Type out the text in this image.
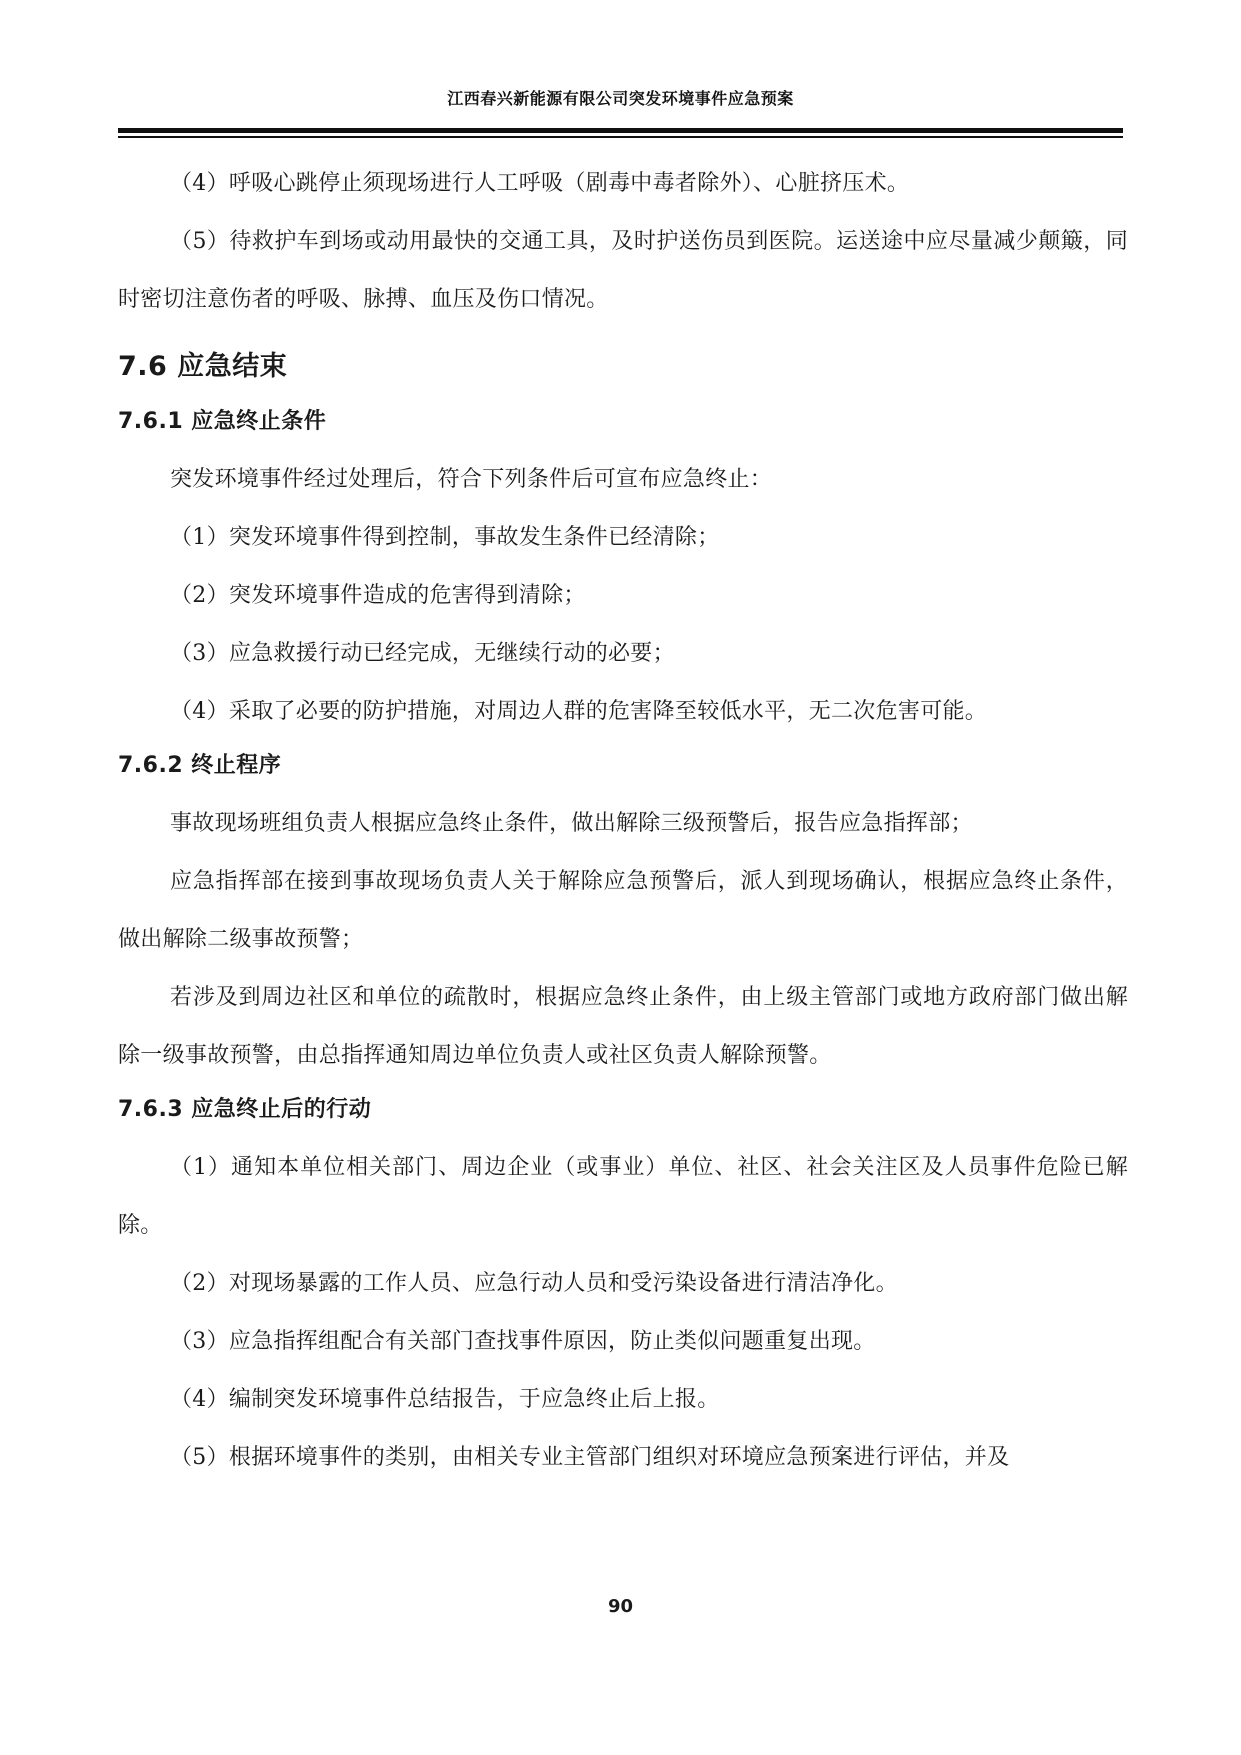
江西春兴新能源有限公司突发环境事件应急预案

（4）呼吸心跳停止须现场进行人工呼吸（剧毒中毒者除外）、心脏挤压术。

（5）待救护车到场或动用最快的交通工具，及时护送伤员到医院。运送途中应尽量减少颠簸，同时密切注意伤者的呼吸、脉搏、血压及伤口情况。

7.6 应急结束
7.6.1 应急终止条件

突发环境事件经过处理后，符合下列条件后可宣布应急终止：

（1）突发环境事件得到控制，事故发生条件已经清除；

（2）突发环境事件造成的危害得到清除；

（3）应急救援行动已经完成，无继续行动的必要；

（4）采取了必要的防护措施，对周边人群的危害降至较低水平，无二次危害可能。

7.6.2 终止程序

事故现场班组负责人根据应急终止条件，做出解除三级预警后，报告应急指挥部；

应急指挥部在接到事故现场负责人关于解除应急预警后，派人到现场确认，根据应急终止条件，做出解除二级事故预警；

若涉及到周边社区和单位的疏散时，根据应急终止条件，由上级主管部门或地方政府部门做出解除一级事故预警，由总指挥通知周边单位负责人或社区负责人解除预警。

7.6.3 应急终止后的行动

（1）通知本单位相关部门、周边企业（或事业）单位、社区、社会关注区及人员事件危险已解除。

（2）对现场暴露的工作人员、应急行动人员和受污染设备进行清洁净化。

（3）应急指挥组配合有关部门查找事件原因，防止类似问题重复出现。

（4）编制突发环境事件总结报告，于应急终止后上报。

（5）根据环境事件的类别，由相关专业主管部门组织对环境应急预案进行评估，并及

90
